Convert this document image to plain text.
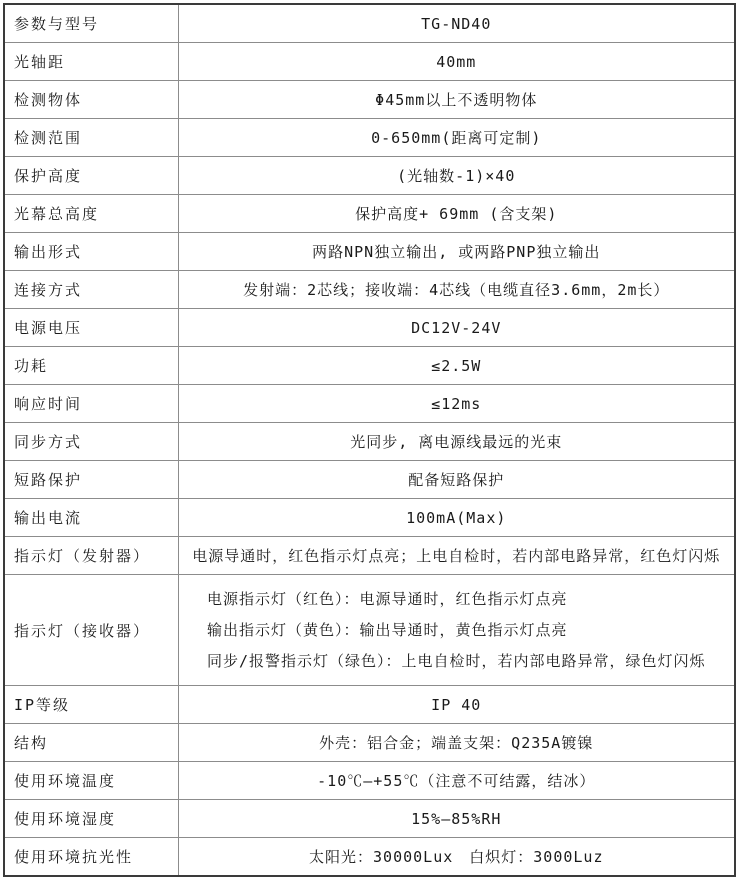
参数与型号	TG-ND40
光轴距	40mm
检测物体	Φ45mm以上不透明物体
检测范围	0-650mm(距离可定制)
保护高度	(光轴数-1)×40
光幕总高度	保护高度+ 69mm (含支架)
输出形式	两路NPN独立输出, 或两路PNP独立输出
连接方式	发射端：2芯线；接收端：4芯线（电缆直径3.6mm，2m长）
电源电压	DC12V-24V
功耗	≤2.5W
响应时间	≤12ms
同步方式	光同步, 离电源线最远的光束
短路保护	配备短路保护
输出电流	100mA(Max)
指示灯（发射器）	电源导通时，红色指示灯点亮；上电自检时，若内部电路异常，红色灯闪烁
指示灯（接收器）	电源指示灯（红色）：电源导通时，红色指示灯点亮
输出指示灯（黄色）：输出导通时，黄色指示灯点亮
同步/报警指示灯（绿色）：上电自检时，若内部电路异常，绿色灯闪烁

IP等级	IP 40
结构	外壳：铝合金；端盖支架：Q235A镀镍
使用环境温度	-10℃—+55℃（注意不可结露，结冰）
使用环境湿度	15%—85%RH
使用环境抗光性	太阳光：30000Lux　白炽灯：3000Luz
